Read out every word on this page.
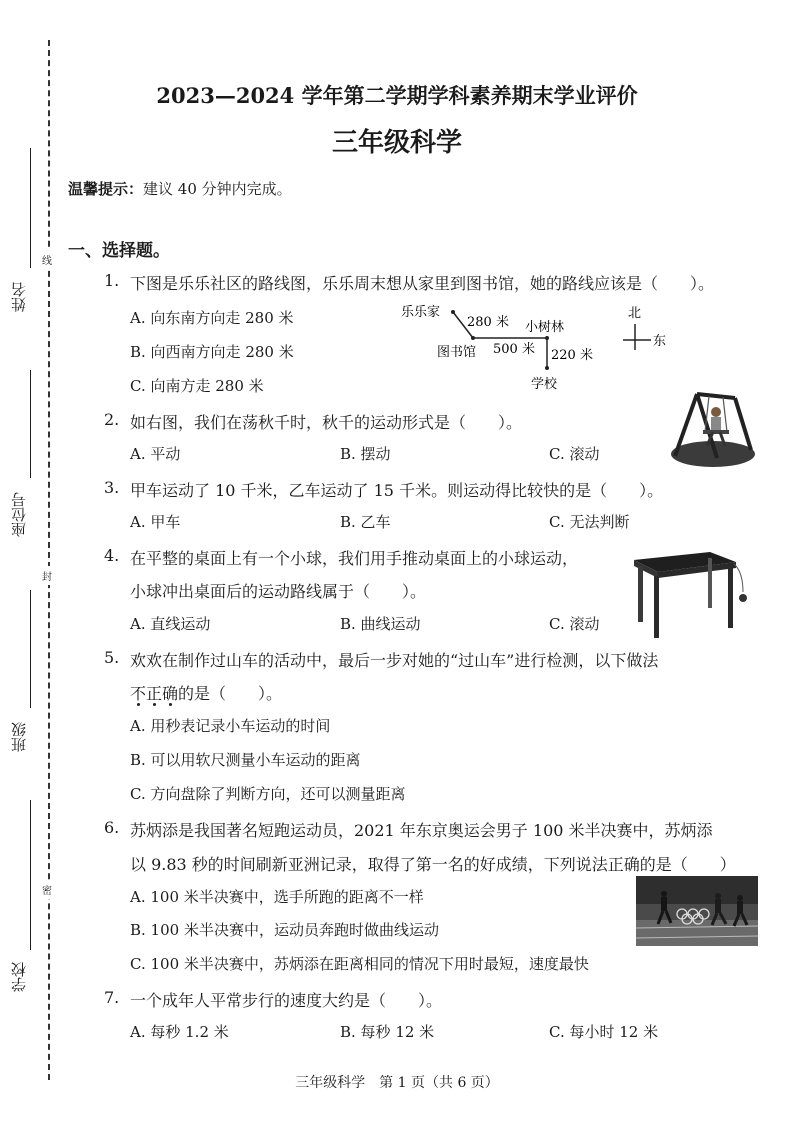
线
封
密
姓名
座位号
班级
学校
2023—2024 学年第二学期学科素养期末学业评价
三年级科学
温馨提示：建议 40 分钟内完成。
一、选择题。
1. 下图是乐乐社区的路线图，乐乐周末想从家里到图书馆，她的路线应该是（　　）。
A. 向东南方向走 280 米
B. 向西南方向走 280 米
C. 向南方走 280 米
乐乐家
280 米 小树林
图书馆 500 米 220 米
学校
北
东
2. 如右图，我们在荡秋千时，秋千的运动形式是（　　）。
A. 平动	B. 摆动	C. 滚动
3. 甲车运动了 10 千米，乙车运动了 15 千米。则运动得比较快的是（　　）。
A. 甲车	B. 乙车	C. 无法判断
4. 在平整的桌面上有一个小球，我们用手推动桌面上的小球运动，
小球冲出桌面后的运动路线属于（　　）。
A. 直线运动	B. 曲线运动	C. 滚动
5. 欢欢在制作过山车的活动中，最后一步对她的“过山车”进行检测，以下做法
不正确的是（　　）。
A. 用秒表记录小车运动的时间
B. 可以用软尺测量小车运动的距离
C. 方向盘除了判断方向，还可以测量距离
6. 苏炳添是我国著名短跑运动员，2021 年东京奥运会男子 100 米半决赛中，苏炳添
以 9.83 秒的时间刷新亚洲记录，取得了第一名的好成绩，下列说法正确的是（　　）
A. 100 米半决赛中，选手所跑的距离不一样
B. 100 米半决赛中，运动员奔跑时做曲线运动
C. 100 米半决赛中，苏炳添在距离相同的情况下用时最短，速度最快
7. 一个成年人平常步行的速度大约是（　　）。
A. 每秒 1.2 米	B. 每秒 12 米	C. 每小时 12 米
三年级科学　第 1 页（共 6 页）
